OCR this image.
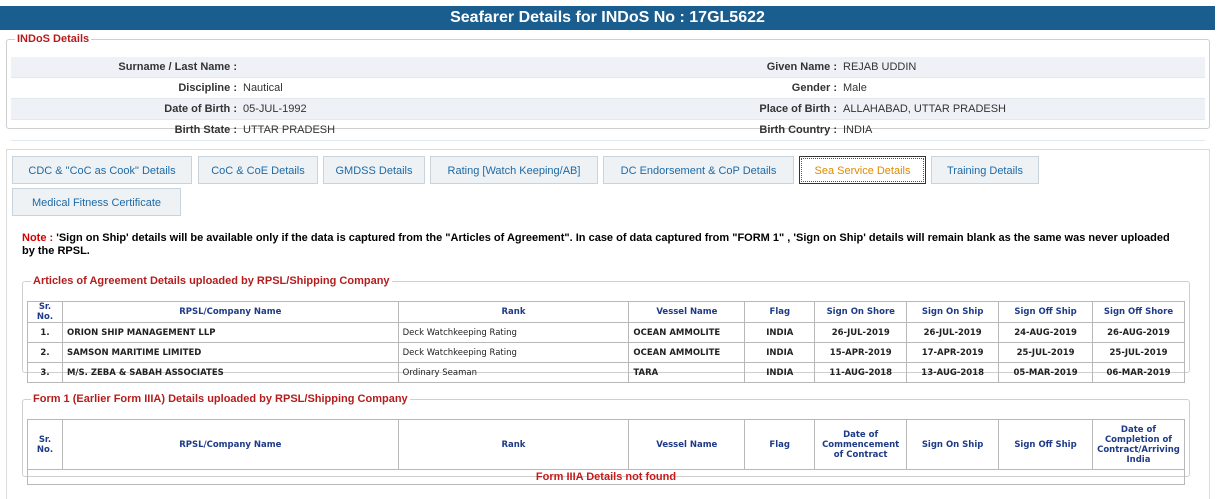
Seafarer Details for INDoS No : 17GL5622
INDoS Details
Surname / Last Name :		Given Name :	REJAB UDDIN
Discipline :	Nautical	Gender :	Male
Date of Birth :	05-JUL-1992	Place of Birth :	ALLAHABAD, UTTAR PRADESH
Birth State :	UTTAR PRADESH	Birth Country :	INDIA
CDC & "CoC as Cook" Details	CoC & CoE Details	GMDSS Details	Rating [Watch Keeping/AB]	DC Endorsement & CoP Details	Sea Service Details	Training Details
Medical Fitness Certificate
Note : 'Sign on Ship' details will be available only if the data is captured from the "Articles of Agreement". In case of data captured from "FORM 1" , 'Sign on Ship' details will remain blank as the same was never uploaded by the RPSL.
Articles of Agreement Details uploaded by RPSL/Shipping Company
Sr. No.	RPSL/Company Name	Rank	Vessel Name	Flag	Sign On Shore	Sign On Ship	Sign Off Ship	Sign Off Shore
1.	ORION SHIP MANAGEMENT LLP	Deck Watchkeeping Rating	OCEAN AMMOLITE	INDIA	26-JUL-2019	26-JUL-2019	24-AUG-2019	26-AUG-2019
2.	SAMSON MARITIME LIMITED	Deck Watchkeeping Rating	OCEAN AMMOLITE	INDIA	15-APR-2019	17-APR-2019	25-JUL-2019	25-JUL-2019
3.	M/S. ZEBA & SABAH ASSOCIATES	Ordinary Seaman	TARA	INDIA	11-AUG-2018	13-AUG-2018	05-MAR-2019	06-MAR-2019
Form 1 (Earlier Form IIIA) Details uploaded by RPSL/Shipping Company
Sr. No.	RPSL/Company Name	Rank	Vessel Name	Flag	Date of Commencement of Contract	Sign On Ship	Sign Off Ship	Date of Completion of Contract/Arriving India
Form IIIA Details not found
